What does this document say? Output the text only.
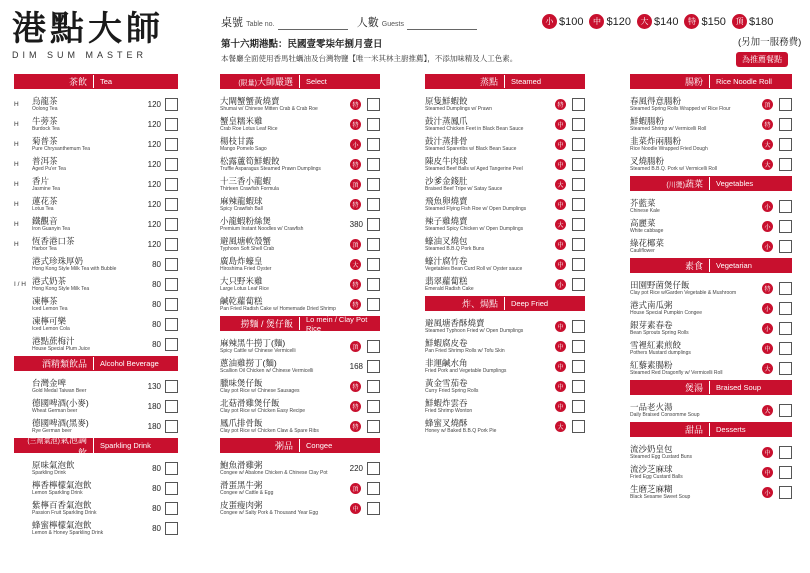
港點大師
DIM SUM MASTER
桌號 Table no.	人數 Guests
第十六期港點：民國壹零柒年捌月壹日
本餐廳全面使用香馬牡蠣油及台灣物鹽【唯一米其林主廚推薦】，不添加味精及人工色素。
小 $100	中 $120	大 $140	特 $150	頂 $180
(另加一服務費)
為推薦餐點
茶飲	Tea
H	烏龍茶
Oolong Tea	120
H	牛蒡茶
Burdock Tea	120
H	菊普茶
Pure Chrysanthemum Tea	120
H	普洱茶
Aged Pu'er Tea	120
H	香片
Jasmine Tea	120
H	蓮花茶
Lotus Tea	120
H	鐵觀音
Iron Guanyin Tea	120
H	恆香港口茶
Harbor Tea	120
港式珍珠厚奶
Hong Kong Style Milk Tea with Bubble	80
I / H 港式奶茶
Hong Kong Style Milk Tea	80
凍檸茶
Iced Lemon Tea	80
凍檸可樂
Iced Lemon Cola	80
港點蔗梅汁
House Special Plum Juice	80
酒精類飲品	Alcohol Beverage
台灣金啤
Gold Medal Taiwan Beer	130
德國啤酒(小麥)
Wheat German beer	180
德國啤酒(黑麥)
Rye German beer	180
(三劑氣泡)氣泡調飲
Sparkling Drink
原味氣泡飲
Sparkling Drink	80
檸香檸檬氣泡飲
Lemon Sparkling Drink	80
紫檸百香氣泡飲
Passion Fruit Sparkling Drink	80
蜂蜜檸檬氣泡飲
Lemon & Honey Sparkling Drink	80
(限量)大師嚴選	Select
大閘蟹蟹黃燒賣
Shumai w/ Chinese Mitten Crab & Crab Roe	特
蟹皇糯米雞
Crab Roe Lotus Leaf Rice	特
楊枝甘露
Mango Pomelo Sago	小
松露蘆筍鮮蝦餃
Truffle Asparagus Steamed Prawn Dumplings	特
十三香小龍蝦
Thirteen Crawfish Formula	頂
麻辣龍蝦球
Spicy Crawfish Ball	特
小龍蝦粉絲煲
Premium Instant Noodles w/ Crawfish	380
避風塘軟殼蟹
Typhoon Soft Shell Crab	頂
廣島炸蠔皇
Hiroshima Fried Oyster	大
大只野米雞
Large Lotus Leaf Rice	特
鹹乾蘿蔔糕
Pan Fried Radish Cake w/ Homemade Dried Shrimp	特
撈麵 / 煲仔飯	Lo mein / Clay Pot Rice
麻辣黑牛撈丁(麵)
Spicy Cattle w/ Chinese Vermicelli	頂
蔥油雞撈丁(麵)
Scallion Oil Chicken w/ Chinese Vermicelli	168
臘味煲仔飯
Clay pot Rice w/ Chinese Sausages	特
北菇滑雞煲仔飯
Clay pot Rice w/ Chicken Easy Recipe	特
鳳爪排骨飯
Clay pot Rice w/ Chicken Claw & Spare Ribs	特
粥品	Congee
鮑魚滑雞粥
Congee w/ Abalone Chicken & Chinese Clay Pot	220
滑蛋黑牛粥
Congee w/ Cattle & Egg	頂
皮蛋瘦肉粥
Congee w/ Salty Pork & Thousand Year Egg	中
蒸點	Steamed
原隻鮮蝦餃
Steamed Dumplings w/ Prawn	特
鼓汁蒸鳳爪
Steamed Chicken Feet in Black Bean Sauce	中
鼓汁蒸排骨
Steamed Spareribs w/ Black Bean Sauce	中
陳皮牛肉球
Steamed Beef Balls w/ Aged Tangerine Peel	中
沙爹金錢肚
Braised Beef Tripe w/ Satay Sauce	大
飛魚卵燒賣
Steamed Flying Fish Roe w/ Open Dumplings	中
辣子雞燒賣
Steamed Spicy Chicken w/ Open Dumplings	大
蠔油叉燒包
Steamed B.B.Q Pork Buns	中
蠔汁腐竹卷
Vegetables Bean Curd Roll w/ Oyster sauce	中
翡翠蘿蔔糕
Emerald Radish Cake	小
炸、焗點	Deep Fried
避風塘香酥燒賣
Steamed Typhoon Fried w/ Open Dumplings	中
鮮蝦腐皮卷
Pan Fried Shrimp Rolls w/ Tofu Skin	中
非運鹹水角
Fried Pork and Vegetable Dumplings	中
黃金雪茄卷
Curry Fried Spring Rolls	中
鮮蝦炸雲吞
Fried Shrimp Wonton	中
蜂蜜叉燒酥
Honey w/ Baked B.B.Q Pork Pie	大
腸粉	Rice Noodle Roll
春風得意腸粉
Steamed Spring Rolls Wrapped w/ Rice Flour	頂
鮮蝦腸粉
Steamed Shrimp w/ Vermicelli Roll	特
韭菜炸兩腸粉
Rice Noodle Wrapped Fried Dough	大
叉燒腸粉
Steamed B.B.Q. Pork w/ Vermicelli Roll	大
(川燙)蔬菜	Vegetables
芥藍菜
Chinese Kale	小
高麗菜
White cabbage	小
綠花椰菜
Cauliflower	小
素食	Vegetarian
田園野菌煲仔飯
Clay pot Rice w/Garden Vegetable & Mushroom	特
港式南瓜粥
House Special Pumpkin Congee	小
銀芽素春卷
Bean Sprouts Spring Rolls	小
雪裡紅素煎餃
Pothers Mustard dumplings	中
紅藜素腸粉
Steamed Red Dragonfly w/ Vermicelli Roll	大
煲湯	Braised Soup
一品老火湯
Daily Braised Consomme Soup	大
甜品	Desserts
流沙奶皇包
Steamed Egg Custard Buns	中
流沙芝麻球
Fried Egg Custard Balls	中
生磨芝麻糊
Black Sesame Sweet Soup	小
